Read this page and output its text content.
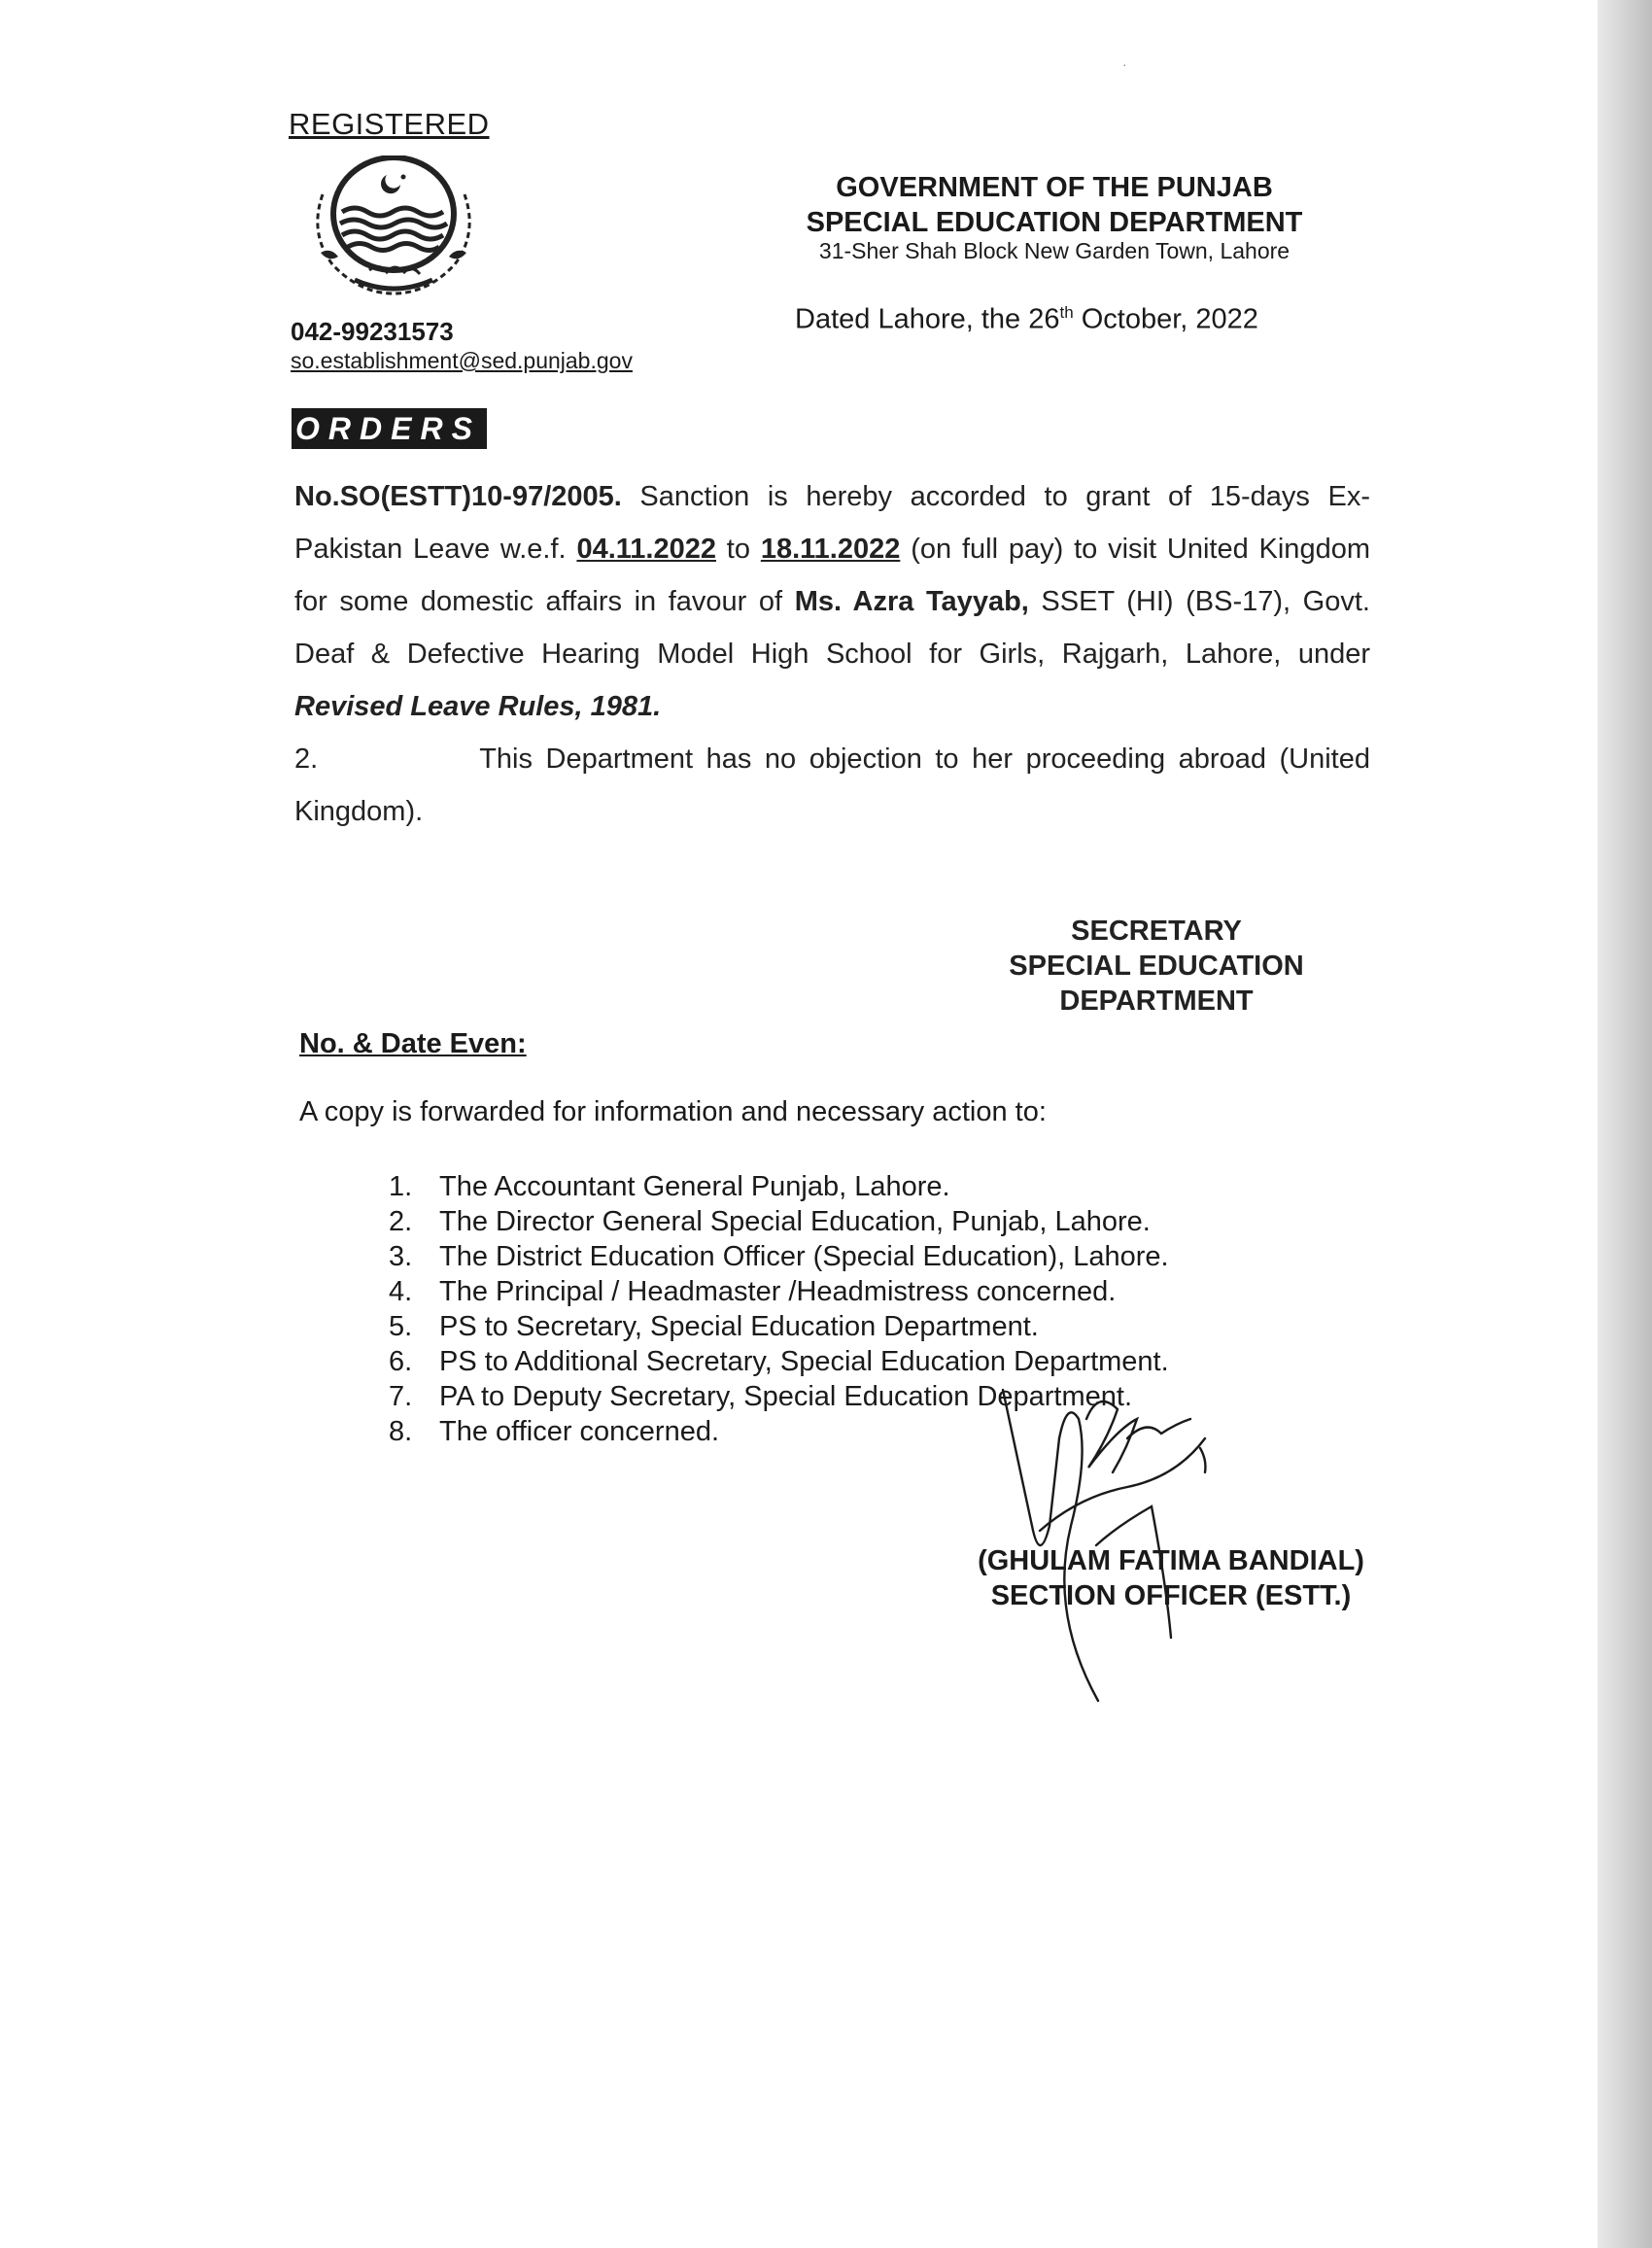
·
REGISTERED
042-99231573
so.establishment@sed.punjab.gov
GOVERNMENT OF THE PUNJAB
SPECIAL EDUCATION DEPARTMENT
31-Sher Shah Block New Garden Town, Lahore
Dated Lahore, the 26th October, 2022
ORDERS
No.SO(ESTT)10-97/2005. Sanction is hereby accorded to grant of 15-days Ex-Pakistan Leave w.e.f. 04.11.2022 to 18.11.2022 (on full pay) to visit United Kingdom for some domestic affairs in favour of Ms. Azra Tayyab, SSET (HI) (BS-17), Govt. Deaf & Defective Hearing Model High School for Girls, Rajgarh, Lahore, under Revised Leave Rules, 1981.
2.	This Department has no objection to her proceeding abroad (United Kingdom).
SECRETARY
SPECIAL EDUCATION
DEPARTMENT
No. & Date Even:
A copy is forwarded for information and necessary action to:
1. The Accountant General Punjab, Lahore.
2. The Director General Special Education, Punjab, Lahore.
3. The District Education Officer (Special Education), Lahore.
4. The Principal / Headmaster /Headmistress concerned.
5. PS to Secretary, Special Education Department.
6. PS to Additional Secretary, Special Education Department.
7. PA to Deputy Secretary, Special Education Department.
8. The officer concerned.
(GHULAM FATIMA BANDIAL)
SECTION OFFICER (ESTT.)
